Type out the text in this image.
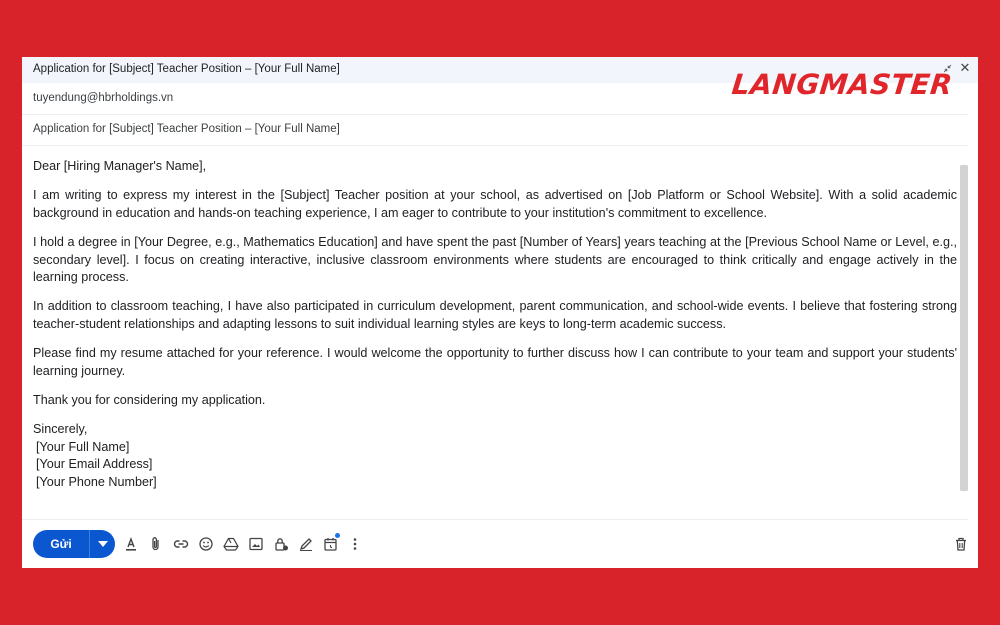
Application for [Subject] Teacher Position – [Your Full Name]	✕
LANGMASTER
tuyendung@hbrholdings.vn
Application for [Subject] Teacher Position – [Your Full Name]

Dear [Hiring Manager's Name],

I am writing to express my interest in the [Subject] Teacher position at your school, as advertised on [Job Platform or School Website]. With a solid academic background in education and hands-on teaching experience, I am eager to contribute to your institution's commitment to excellence.

I hold a degree in [Your Degree, e.g., Mathematics Education] and have spent the past [Number of Years] years teaching at the [Previous School Name or Level, e.g., secondary level]. I focus on creating interactive, inclusive classroom environments where students are encouraged to think critically and engage actively in the learning process.

In addition to classroom teaching, I have also participated in curriculum development, parent communication, and school-wide events. I believe that fostering strong teacher-student relationships and adapting lessons to suit individual learning styles are keys to long-term academic success.

Please find my resume attached for your reference. I would welcome the opportunity to further discuss how I can contribute to your team and support your students' learning journey.

Thank you for considering my application.

Sincerely,
[Your Full Name]
[Your Email Address]
[Your Phone Number]

Gửi
